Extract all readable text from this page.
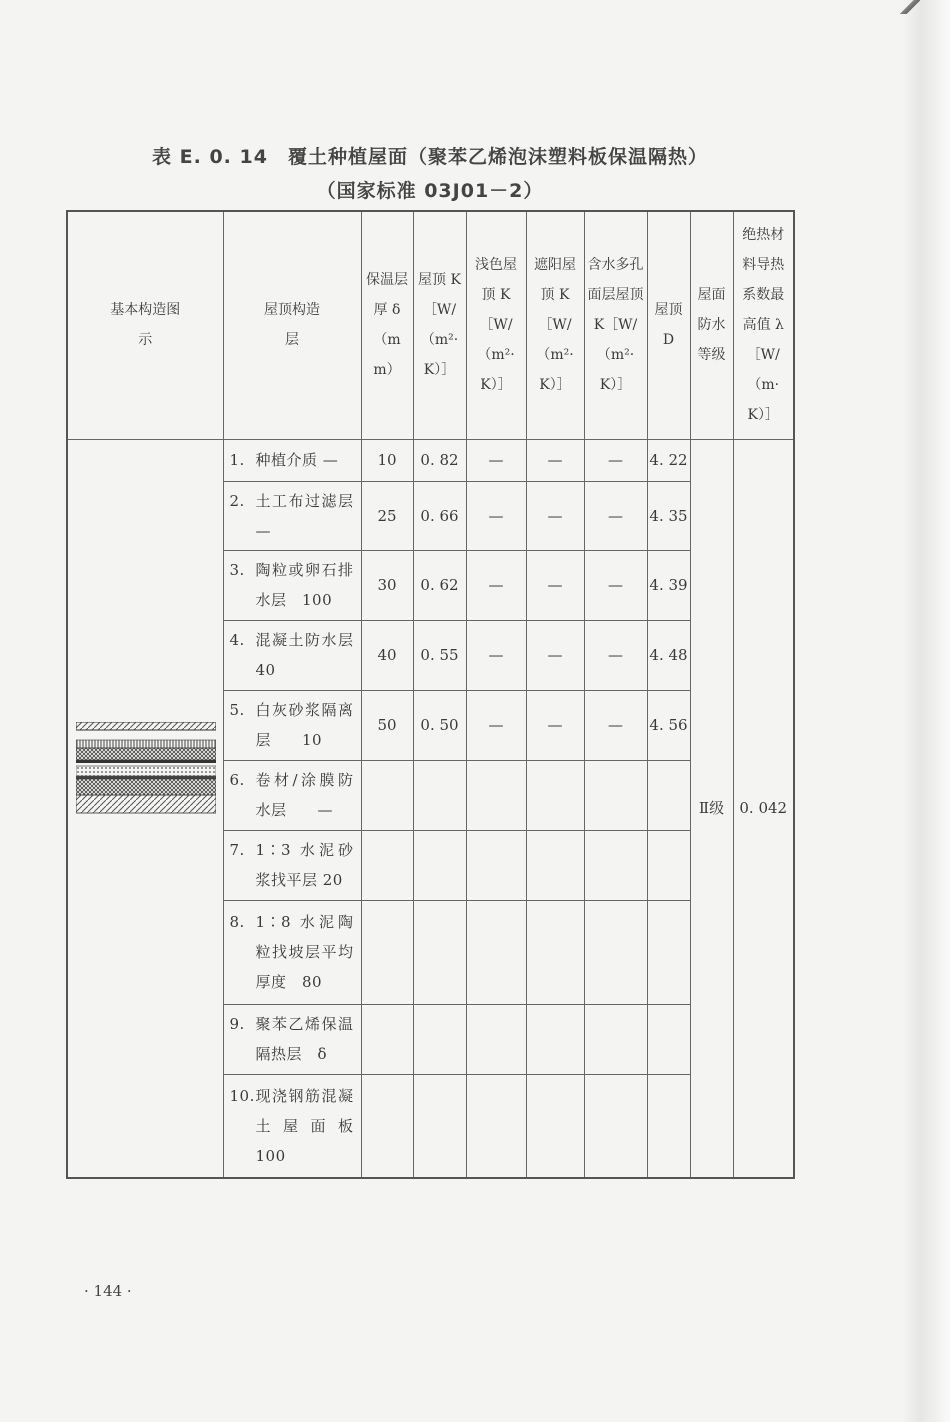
表 E. 0. 14　覆土种植屋面（聚苯乙烯泡沫塑料板保温隔热）
（国家标准 03J01－2）
基本构造图示	屋顶构造层	保温层厚 δ（mm）	屋顶 K［W/（m²·K）］	浅色屋顶 K［W/（m²·K）］	遮阳屋顶 K［W/（m²·K）］	含水多孔面层屋顶 K［W/（m²·K）］	屋顶 D	屋面防水等级	绝热材料导热系数最高值 λ［W/（m·K）］

	1. 种植介质 —	10	0. 82	—	—	—	4. 22	Ⅱ级	0. 042
	2. 土工布过滤层　—	25	0. 66	—	—	—	4. 35		
	3. 陶粒或卵石排水层　100	30	0. 62	—	—	—	4. 39		
	4. 混凝土防水层　　40	40	0. 55	—	—	—	4. 48		
	5. 白灰砂浆隔离层　　10	50	0. 50	—	—	—	4. 56		
	6. 卷材/涂膜防水层　　—								
	7. 1∶3 水泥砂浆找平层 20								
	8. 1∶8 水泥陶粒找坡层平均厚度　80								
	9. 聚苯乙烯保温隔热层　δ								
	10.现浇钢筋混凝土屋面板　100								
· 144 ·
